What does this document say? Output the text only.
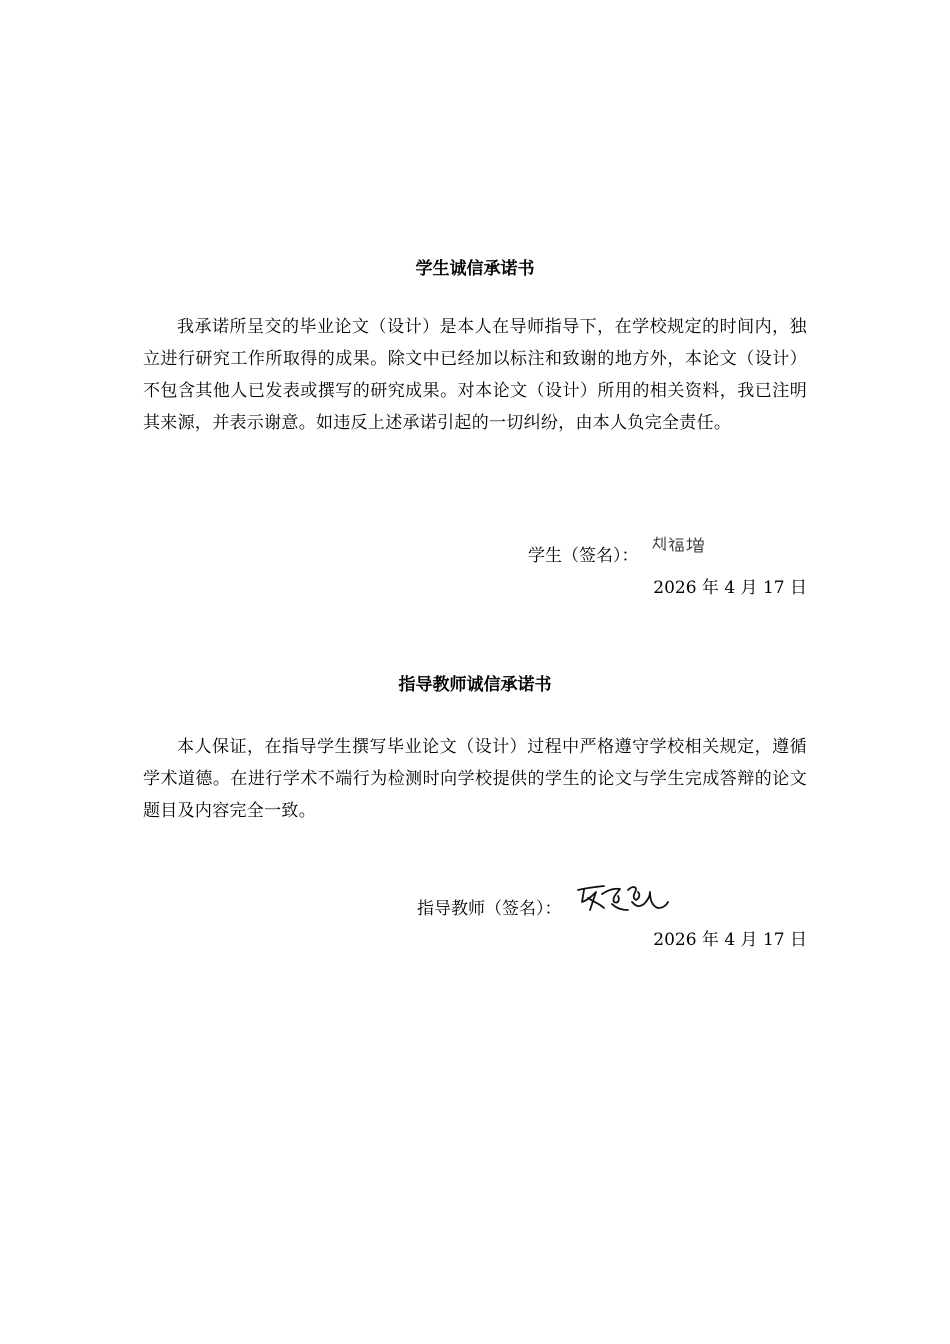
学生诚信承诺书
我承诺所呈交的毕业论文（设计）是本人在导师指导下，在学校规定的时间内，独立进行研究工作所取得的成果。除文中已经加以标注和致谢的地方外，本论文（设计）不包含其他人已发表或撰写的研究成果。对本论文（设计）所用的相关资料，我已注明其来源，并表示谢意。如违反上述承诺引起的一切纠纷，由本人负完全责任。
学生（签名）：
2026 年 4 月 17 日
指导教师诚信承诺书
本人保证，在指导学生撰写毕业论文（设计）过程中严格遵守学校相关规定，遵循学术道德。在进行学术不端行为检测时向学校提供的学生的论文与学生完成答辩的论文题目及内容完全一致。
指导教师（签名）：
2026 年 4 月 17 日
